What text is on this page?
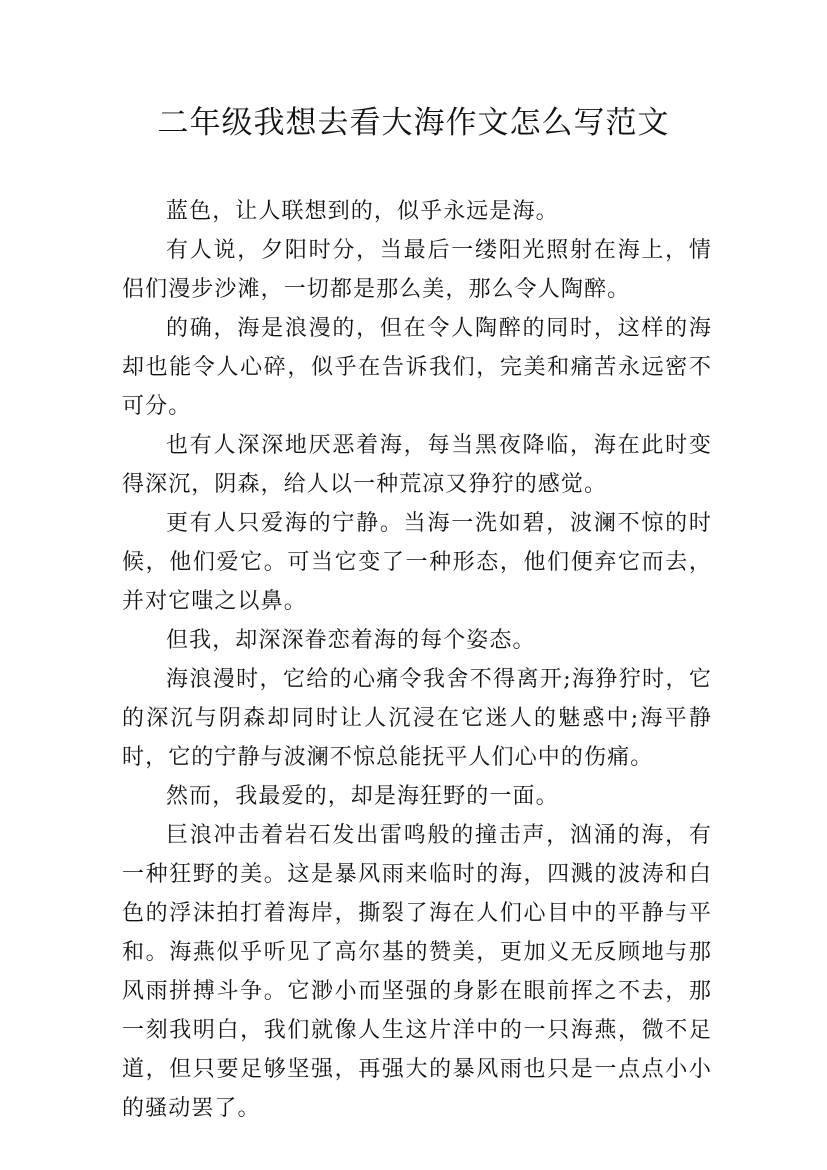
二年级我想去看大海作文怎么写范文

蓝色，让人联想到的，似乎永远是海。

有人说，夕阳时分，当最后一缕阳光照射在海上，情侣们漫步沙滩，一切都是那么美，那么令人陶醉。

的确，海是浪漫的，但在令人陶醉的同时，这样的海却也能令人心碎，似乎在告诉我们，完美和痛苦永远密不可分。

也有人深深地厌恶着海，每当黑夜降临，海在此时变得深沉，阴森，给人以一种荒凉又狰狞的感觉。

更有人只爱海的宁静。当海一洗如碧，波澜不惊的时候，他们爱它。可当它变了一种形态，他们便弃它而去，并对它嗤之以鼻。

但我，却深深眷恋着海的每个姿态。

海浪漫时，它给的心痛令我舍不得离开;海狰狞时，它的深沉与阴森却同时让人沉浸在它迷人的魅惑中;海平静时，它的宁静与波澜不惊总能抚平人们心中的伤痛。

然而，我最爱的，却是海狂野的一面。

巨浪冲击着岩石发出雷鸣般的撞击声，汹涌的海，有一种狂野的美。这是暴风雨来临时的海，四溅的波涛和白色的浮沫拍打着海岸，撕裂了海在人们心目中的平静与平和。海燕似乎听见了高尔基的赞美，更加义无反顾地与那风雨拼搏斗争。它渺小而坚强的身影在眼前挥之不去，那一刻我明白，我们就像人生这片洋中的一只海燕，微不足道，但只要足够坚强，再强大的暴风雨也只是一点点小小的骚动罢了。
